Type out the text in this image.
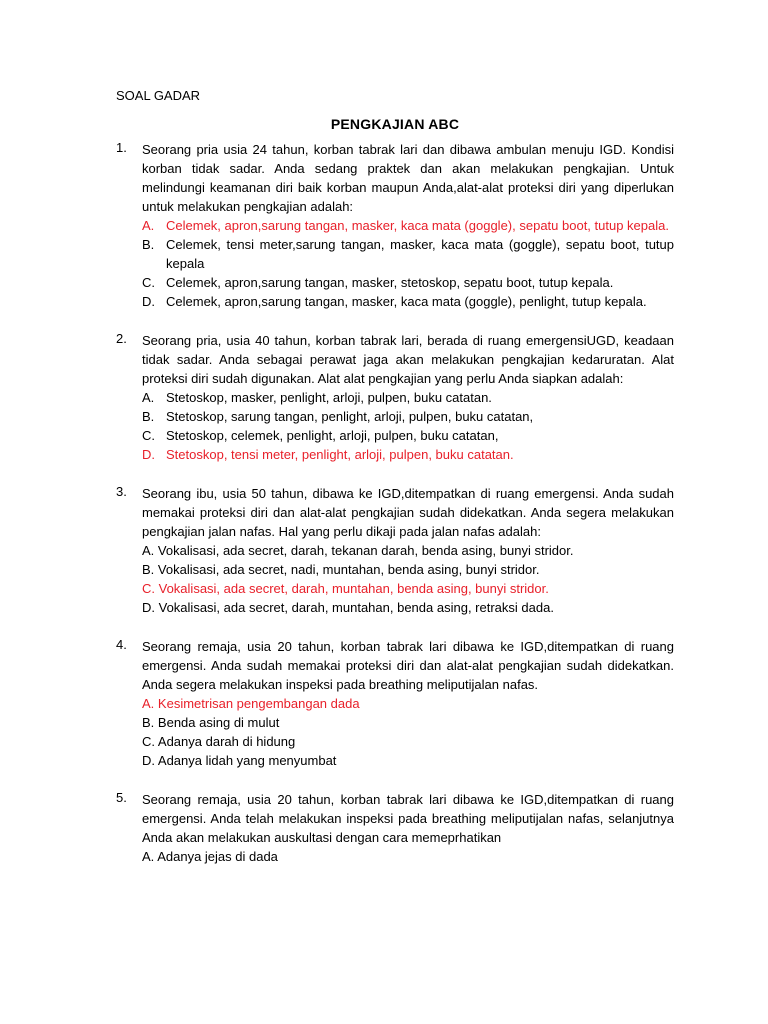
SOAL GADAR
PENGKAJIAN ABC
1. Seorang pria usia 24 tahun, korban tabrak lari dan dibawa ambulan menuju IGD. Kondisi korban tidak sadar. Anda sedang praktek dan akan melakukan pengkajian. Untuk melindungi keamanan diri baik korban maupun Anda,alat-alat proteksi diri yang diperlukan untuk melakukan pengkajian adalah:
A. Celemek, apron,sarung tangan, masker, kaca mata (goggle), sepatu boot, tutup kepala.
B. Celemek, tensi meter,sarung tangan, masker, kaca mata (goggle), sepatu boot, tutup kepala
C. Celemek, apron,sarung tangan, masker, stetoskop, sepatu boot, tutup kepala.
D. Celemek, apron,sarung tangan, masker, kaca mata (goggle), penlight, tutup kepala.
2. Seorang pria, usia 40 tahun, korban tabrak lari, berada di ruang emergensiUGD, keadaan tidak sadar. Anda sebagai perawat jaga akan melakukan pengkajian kedaruratan. Alat proteksi diri sudah digunakan. Alat alat pengkajian yang perlu Anda siapkan adalah:
A. Stetoskop, masker, penlight, arloji, pulpen, buku catatan.
B. Stetoskop, sarung tangan, penlight, arloji, pulpen, buku catatan,
C. Stetoskop, celemek, penlight, arloji, pulpen, buku catatan,
D. Stetoskop, tensi meter, penlight, arloji, pulpen, buku catatan.
3. Seorang ibu, usia 50 tahun, dibawa ke IGD,ditempatkan di ruang emergensi. Anda sudah memakai proteksi diri dan alat-alat pengkajian sudah didekatkan. Anda segera melakukan pengkajian jalan nafas. Hal yang perlu dikaji pada jalan nafas adalah:
A. Vokalisasi, ada secret, darah, tekanan darah, benda asing, bunyi stridor.
B. Vokalisasi, ada secret, nadi, muntahan, benda asing, bunyi stridor.
C. Vokalisasi, ada secret, darah, muntahan, benda asing, bunyi stridor.
D. Vokalisasi, ada secret, darah, muntahan, benda asing, retraksi dada.
4. Seorang remaja, usia 20 tahun, korban tabrak lari dibawa ke IGD,ditempatkan di ruang emergensi. Anda sudah memakai proteksi diri dan alat-alat pengkajian sudah didekatkan. Anda segera melakukan inspeksi pada breathing meliputijalan nafas.
A. Kesimetrisan pengembangan dada
B. Benda asing di mulut
C. Adanya darah di hidung
D. Adanya lidah yang menyumbat
5. Seorang remaja, usia 20 tahun, korban tabrak lari dibawa ke IGD,ditempatkan di ruang emergensi. Anda telah melakukan inspeksi pada breathing meliputijalan nafas, selanjutnya Anda akan melakukan auskultasi dengan cara memeprhatikan
A. Adanya jejas di dada
